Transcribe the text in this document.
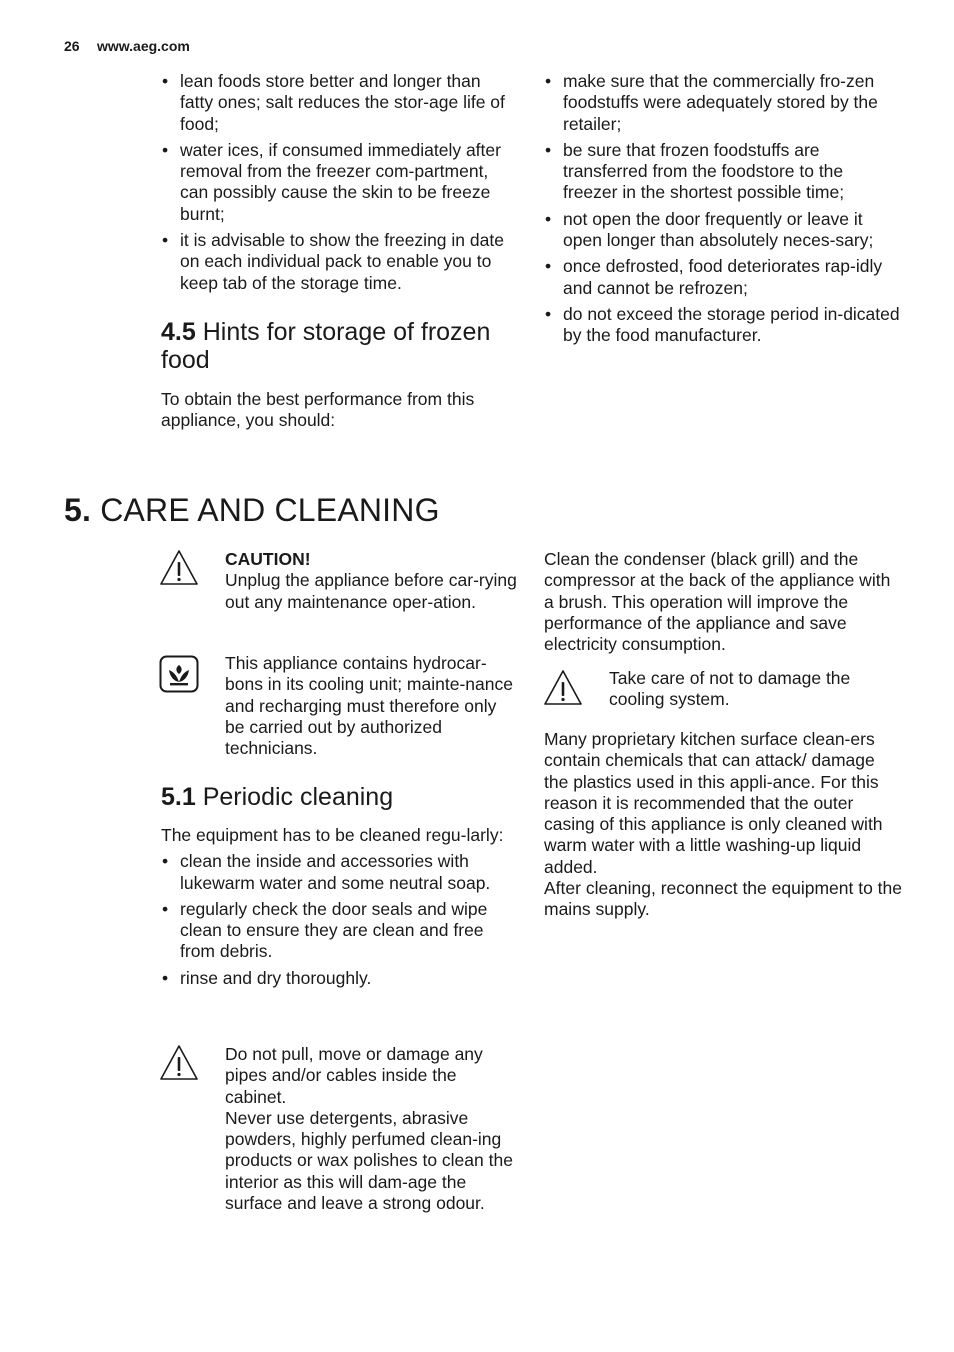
26 www.aeg.com
• lean foods store better and longer than fatty ones; salt reduces the stor-age life of food;
• water ices, if consumed immediately after removal from the freezer com-partment, can possibly cause the skin to be freeze burnt;
• it is advisable to show the freezing in date on each individual pack to enable you to keep tab of the storage time.
4.5 Hints for storage of frozen food

To obtain the best performance from this appliance, you should:

• make sure that the commercially fro-zen foodstuffs were adequately stored by the retailer;
• be sure that frozen foodstuffs are transferred from the foodstore to the freezer in the shortest possible time;
• not open the door frequently or leave it open longer than absolutely neces-sary;
• once defrosted, food deteriorates rap-idly and cannot be refrozen;
• do not exceed the storage period in-dicated by the food manufacturer.
5. CARE AND CLEANING
CAUTION!
Unplug the appliance before car-rying out any maintenance oper-ation.
This appliance contains hydrocar-bons in its cooling unit; mainte-nance and recharging must therefore only be carried out by authorized technicians.
5.1 Periodic cleaning

The equipment has to be cleaned regu-larly:

• clean the inside and accessories with lukewarm water and some neutral soap.
• regularly check the door seals and wipe clean to ensure they are clean and free from debris.
• rinse and dry thoroughly.
Do not pull, move or damage any pipes and/or cables inside the cabinet.
Never use detergents, abrasive powders, highly perfumed clean-ing products or wax polishes to clean the interior as this will dam-age the surface and leave a strong odour.
Clean the condenser (black grill) and the compressor at the back of the appliance with a brush. This operation will improve the performance of the appliance and save electricity consumption.
Take care of not to damage the cooling system.

Many proprietary kitchen surface clean-ers contain chemicals that can attack/ damage the plastics used in this appli-ance. For this reason it is recommended that the outer casing of this appliance is only cleaned with warm water with a little washing-up liquid added.

After cleaning, reconnect the equipment to the mains supply.
